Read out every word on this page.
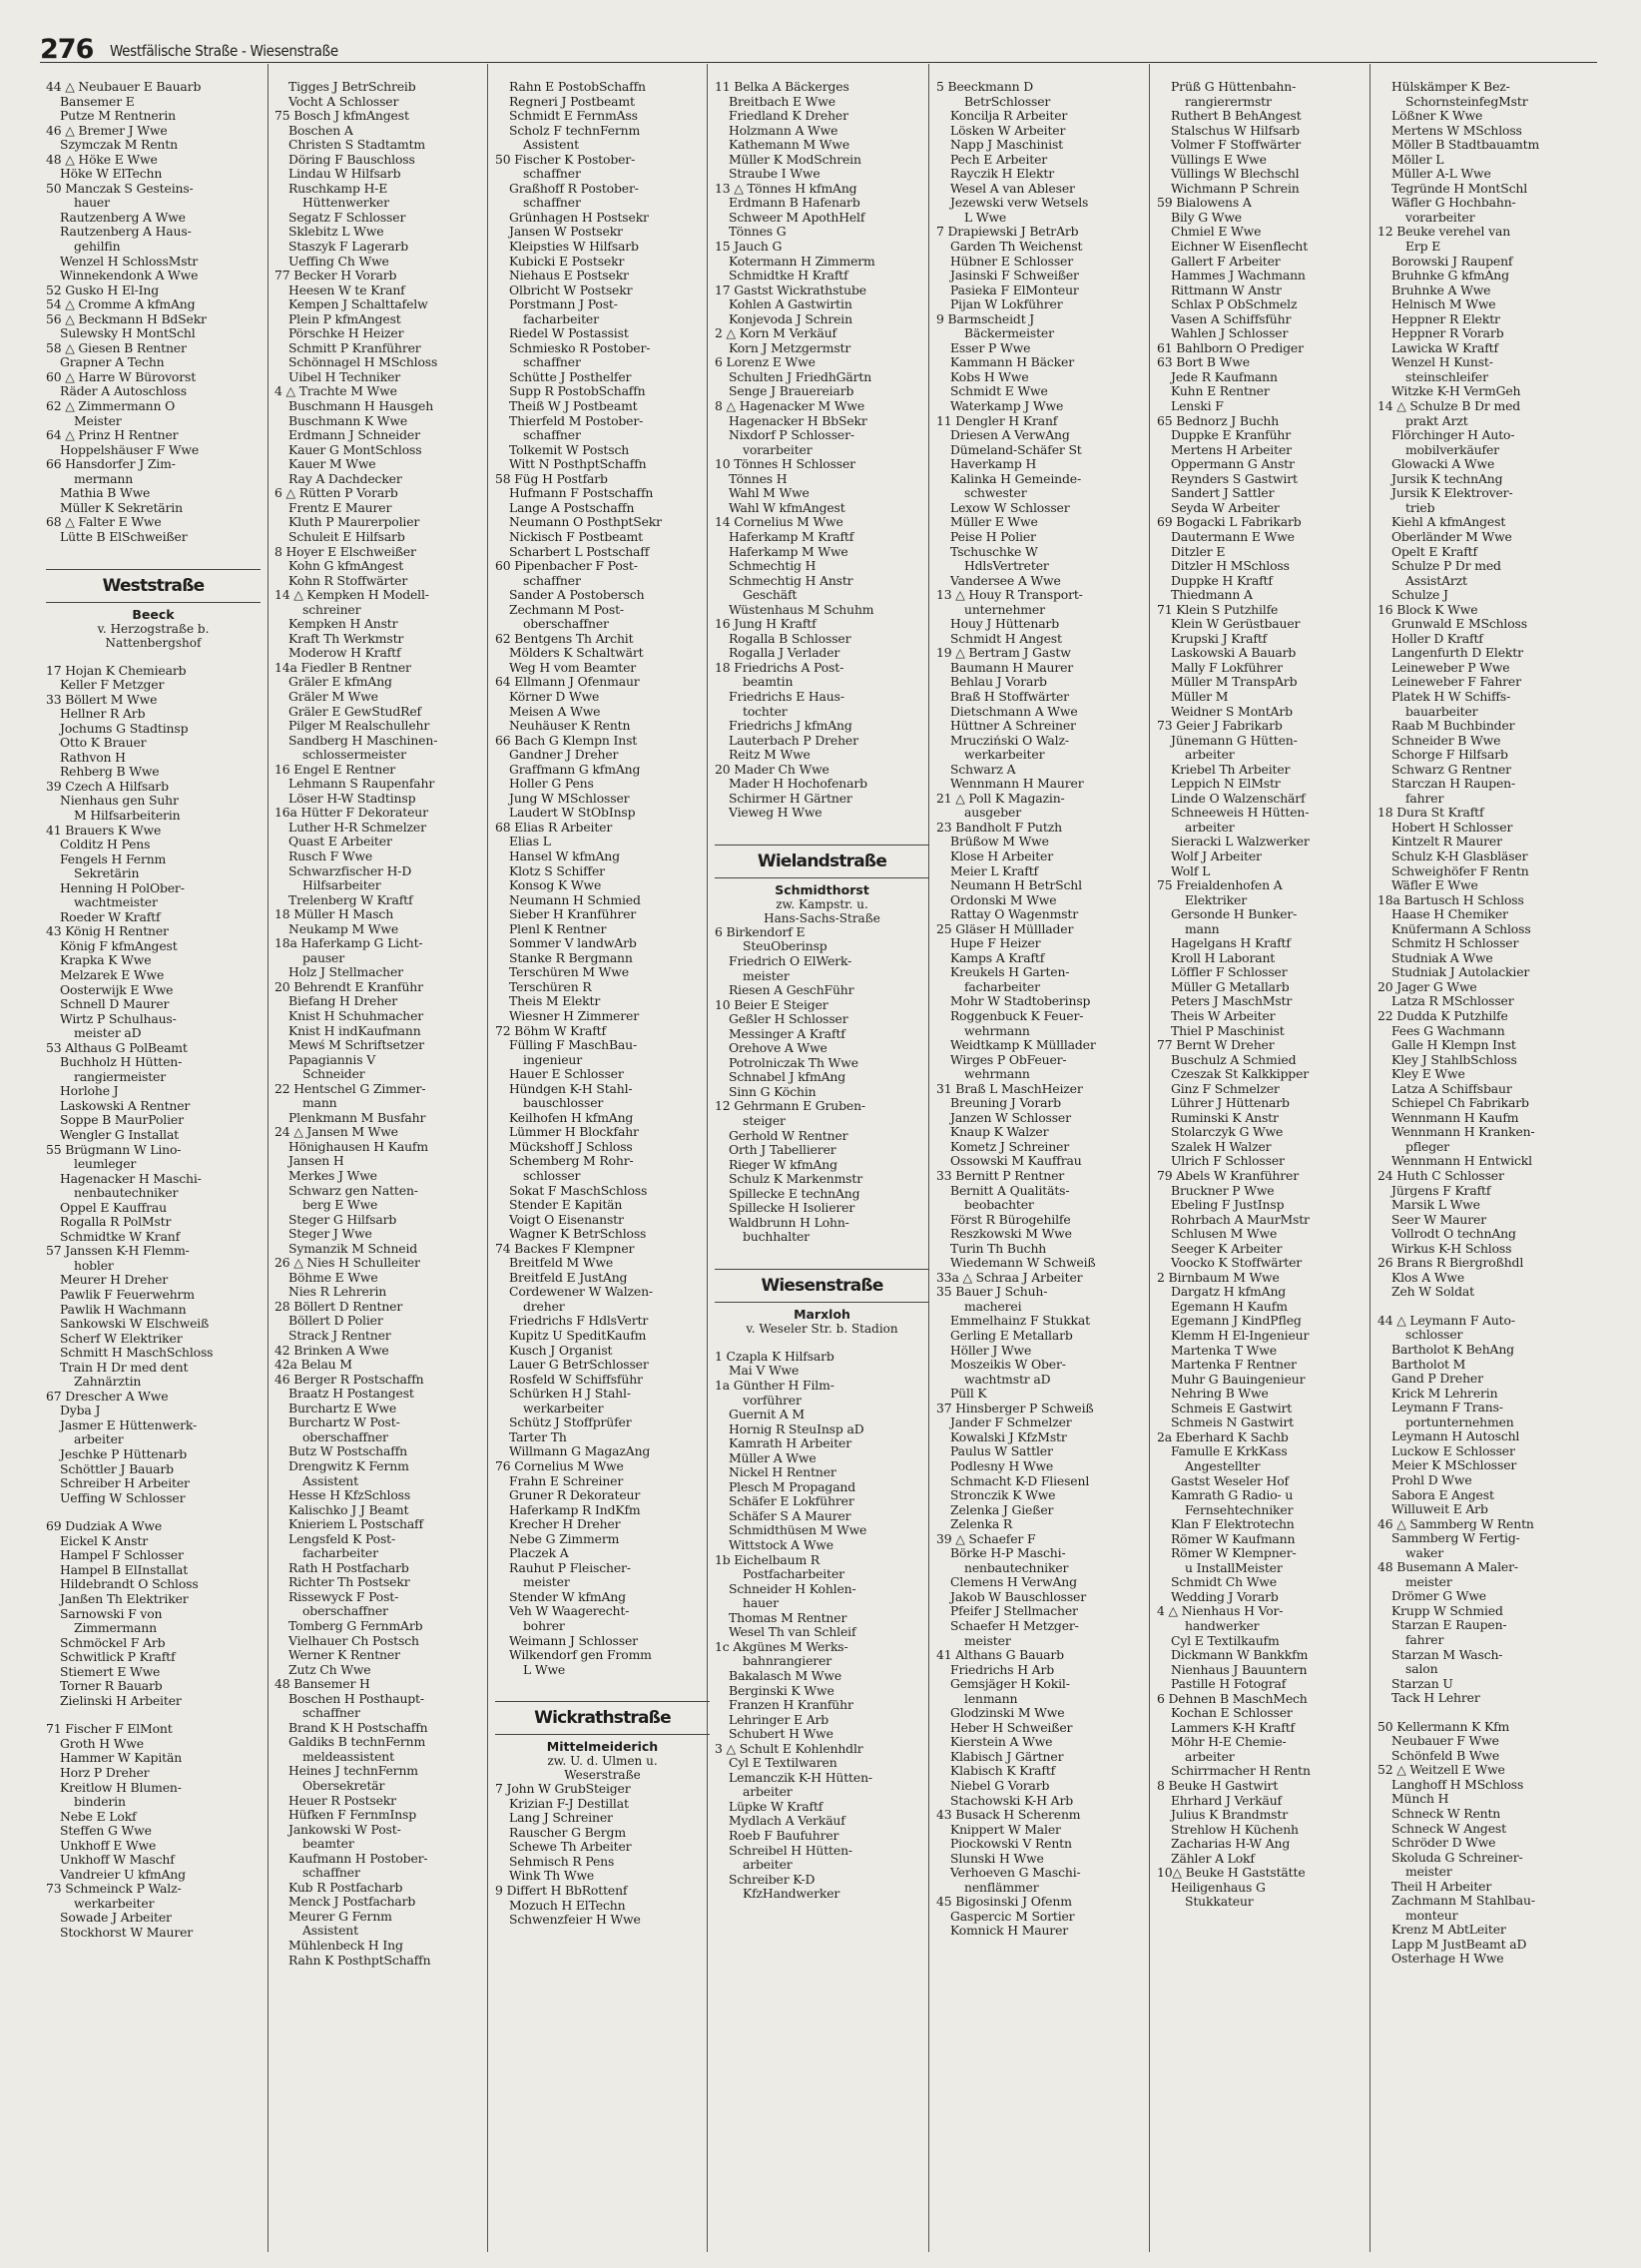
276 Westfälische Straße - Wiesenstraße
44 △ Neubauer E Bauarb
Bansemer E
Putze M Rentnerin
46 △ Bremer J Wwe
Szymczak M Rentn
48 △ Höke E Wwe
Höke W ElTechn
50 Manczak S Gesteins-
hauer
Rautzenberg A Wwe
Rautzenberg A Haus-
gehilfin
Wenzel H SchlossMstr
Winnekendonk A Wwe
52 Gusko H El-Ing
54 △ Cromme A kfmAng
56 △ Beckmann H BdSekr
Sulewsky H MontSchl
58 △ Giesen B Rentner
Grapner A Techn
60 △ Harre W Bürovorst
Räder A Autoschloss
62 △ Zimmermann O
Meister
64 △ Prinz H Rentner
Hoppelshäuser F Wwe
66 Hansdorfer J Zim-
mermann
Mathia B Wwe
Müller K Sekretärin
68 △ Falter E Wwe
Lütte B ElSchweißer
Weststraße
Beeck
v. Herzogstraße b.
Nattenbergshof
17 Hojan K Chemiearb
Keller F Metzger
33 Böllert M Wwe
Hellner R Arb
Jochums G Stadtinsp
Otto K Brauer
Rathvon H
Rehberg B Wwe
39 Czech A Hilfsarb
Nienhaus gen Suhr
M Hilfsarbeiterin
41 Brauers K Wwe
Colditz H Pens
Fengels H Fernm
Sekretärin
Henning H PolOber-
wachtmeister
Roeder W Kraftf
43 König H Rentner
König F kfmAngest
Krapka K Wwe
Melzarek E Wwe
Oosterwijk E Wwe
Schnell D Maurer
Wirtz P Schulhaus-
meister aD
53 Althaus G PolBeamt
Buchholz H Hütten-
rangiermeister
Horlohe J
Laskowski A Rentner
Soppe B MaurPolier
Wengler G Installat
55 Brügmann W Lino-
leumleger
Hagenacker H Maschi-
nenbautechniker
Oppel E Kauffrau
Rogalla R PolMstr
Schmidtke W Kranf
57 Janssen K-H Flemm-
hobler
Meurer H Dreher
Pawlik F Feuerwehrm
Pawlik H Wachmann
Sankowski W Elschweiß
Scherf W Elektriker
Schmitt H MaschSchloss
Train H Dr med dent
Zahnärztin
67 Drescher A Wwe
Dyba J
Jasmer E Hüttenwerk-
arbeiter
Jeschke P Hüttenarb
Schöttler J Bauarb
Schreiber H Arbeiter
Ueffing W Schlosser
69 Dudziak A Wwe
Eickel K Anstr
Hampel F Schlosser
Hampel B ElInstallat
Hildebrandt O Schloss
Janßen Th Elektriker
Sarnowski F von
Zimmermann
Schmöckel F Arb
Schwitlick P Kraftf
Stiemert E Wwe
Torner R Bauarb
Zielinski H Arbeiter
71 Fischer F ElMont
Groth H Wwe
Hammer W Kapitän
Horz P Dreher
Kreitlow H Blumen-
binderin
Nebe E Lokf
Steffen G Wwe
Unkhoff E Wwe
Unkhoff W Maschf
Vandreier U kfmAng
73 Schmeinck P Walz-
werkarbeiter
Sowade J Arbeiter
Stockhorst W Maurer
Tigges J BetrSchreib
Vocht A Schlosser
75 Bosch J kfmAngest
Boschen A
Christen S Stadtamtm
Döring F Bauschloss
Lindau W Hilfsarb
Ruschkamp H-E
Hüttenwerker
Segatz F Schlosser
Sklebitz L Wwe
Staszyk F Lagerarb
Ueffing Ch Wwe
77 Becker H Vorarb
Heesen W te Kranf
Kempen J Schalttafelw
Plein P kfmAngest
Pörschke H Heizer
Schmitt P Kranführer
Schönnagel H MSchloss
Uibel H Techniker
4 △ Trachte M Wwe
Buschmann H Hausgeh
Buschmann K Wwe
Erdmann J Schneider
Kauer G MontSchloss
Kauer M Wwe
Ray A Dachdecker
6 △ Rütten P Vorarb
Frentz E Maurer
Kluth P Maurerpolier
Schuleit E Hilfsarb
8 Hoyer E Elschweißer
Kohn G kfmAngest
Kohn R Stoffwärter
14 △ Kempken H Modell-
schreiner
Kempken H Anstr
Kraft Th Werkmstr
Moderow H Kraftf
14a Fiedler B Rentner
Gräler E kfmAng
Gräler M Wwe
Gräler E GewStudRef
Pilger M Realschullehr
Sandberg H Maschinen-
schlossermeister
16 Engel E Rentner
Lehmann S Raupenfahr
Löser H-W Stadtinsp
16a Hütter F Dekorateur
Luther H-R Schmelzer
Quast E Arbeiter
Rusch F Wwe
Schwarzfischer H-D
Hilfsarbeiter
Trelenberg W Kraftf
18 Müller H Masch
Neukamp M Wwe
18a Haferkamp G Licht-
pauser
Holz J Stellmacher
20 Behrendt E Kranführ
Biefang H Dreher
Knist H Schuhmacher
Knist H indKaufmann
Mewś M Schriftsetzer
Papagiannis V
Schneider
22 Hentschel G Zimmer-
mann
Plenkmann M Busfahr
24 △ Jansen M Wwe
Hönighausen H Kaufm
Jansen H
Merkes J Wwe
Schwarz gen Natten-
berg E Wwe
Steger G Hilfsarb
Steger J Wwe
Symanzik M Schneid
26 △ Nies H Schulleiter
Böhme E Wwe
Nies R Lehrerin
28 Böllert D Rentner
Böllert D Polier
Strack J Rentner
42 Brinken A Wwe
42a Belau M
46 Berger R Postschaffn
Braatz H Postangest
Burchartz E Wwe
Burchartz W Post-
oberschaffner
Butz W Postschaffn
Drengwitz K Fernm
Assistent
Hesse H KfzSchloss
Kalischko J J Beamt
Knieriem L Postschaff
Lengsfeld K Post-
facharbeiter
Rath H Postfacharb
Richter Th Postsekr
Rissewyck F Post-
oberschaffner
Tomberg G FernmArb
Vielhauer Ch Postsch
Werner K Rentner
Zutz Ch Wwe
48 Bansemer H
Boschen H Posthaupt-
schaffner
Brand K H Postschaffn
Galdiks B technFernm
meldeassistent
Heines J technFernm
Obersekretär
Heuer R Postsekr
Hüfken F FernmInsp
Jankowski W Post-
beamter
Kaufmann H Postober-
schaffner
Kub R Postfacharb
Menck J Postfacharb
Meurer G Fernm
Assistent
Mühlenbeck H Ing
Rahn K PosthptSchaffn
Rahn E PostobSchaffn
Regneri J Postbeamt
Schmidt E FernmAss
Scholz F technFernm
Assistent
50 Fischer K Postober-
schaffner
Graßhoff R Postober-
schaffner
Grünhagen H Postsekr
Jansen W Postsekr
Kleipsties W Hilfsarb
Kubicki E Postsekr
Niehaus E Postsekr
Olbricht W Postsekr
Porstmann J Post-
facharbeiter
Riedel W Postassist
Schmiesko R Postober-
schaffner
Schütte J Posthelfer
Supp R PostobSchaffn
Theiß W J Postbeamt
Thierfeld M Postober-
schaffner
Tolkemit W Postsch
Witt N PosthptSchaffn
58 Füg H Postfarb
Hufmann F Postschaffn
Lange A Postschaffn
Neumann O PosthptSekr
Nickisch F Postbeamt
Scharbert L Postschaff
60 Pipenbacher F Post-
schaffner
Sander A Postobersch
Zechmann M Post-
oberschaffner
62 Bentgens Th Archit
Mölders K Schaltwärt
Weg H vom Beamter
64 Ellmann J Ofenmaur
Körner D Wwe
Meisen A Wwe
Neuhäuser K Rentn
66 Bach G Klempn Inst
Gandner J Dreher
Graffmann G kfmAng
Holler G Pens
Jung W MSchlosser
Laudert W StObInsp
68 Elias R Arbeiter
Elias L
Hansel W kfmAng
Klotz S Schiffer
Konsog K Wwe
Neumann H Schmied
Sieber H Kranführer
Plenl K Rentner
Sommer V landwArb
Stanke R Bergmann
Terschüren M Wwe
Terschüren R
Theis M Elektr
Wiesner H Zimmerer
72 Böhm W Kraftf
Fülling F MaschBau-
ingenieur
Hauer E Schlosser
Hündgen K-H Stahl-
bauschlosser
Keilhofen H kfmAng
Lümmer H Blockfahr
Mückshoff J Schloss
Schemberg M Rohr-
schlosser
Sokat F MaschSchloss
Stender E Kapitän
Voigt O Eisenanstr
Wagner K BetrSchloss
74 Backes F Klempner
Breitfeld M Wwe
Breitfeld E JustAng
Cordewener W Walzen-
dreher
Friedrichs F HdlsVertr
Kupitz U SpeditKaufm
Kusch J Organist
Lauer G BetrSchlosser
Rosfeld W Schiffsführ
Schürken H J Stahl-
werkarbeiter
Schütz J Stoffprüfer
Tarter Th
Willmann G MagazAng
76 Cornelius M Wwe
Frahn E Schreiner
Gruner R Dekorateur
Haferkamp R IndKfm
Krecher H Dreher
Nebe G Zimmerm
Placzek A
Rauhut P Fleischer-
meister
Stender W kfmAng
Veh W Waagerecht-
bohrer
Weimann J Schlosser
Wilkendorf gen Fromm
L Wwe
Wickrathstraße
Mittelmeiderich
zw. U. d. Ulmen u.
Weserstraße
7 John W GrubSteiger
Krizian F-J Destillat
Lang J Schreiner
Rauscher G Bergm
Schewe Th Arbeiter
Sehmisch R Pens
Wink Th Wwe
9 Differt H BbRottenf
Mozuch H ElTechn
Schwenzfeier H Wwe
11 Belka A Bäckerges
Breitbach E Wwe
Friedland K Dreher
Holzmann A Wwe
Kathemann M Wwe
Müller K ModSchrein
Straube I Wwe
13 △ Tönnes H kfmAng
Erdmann B Hafenarb
Schweer M ApothHelf
Tönnes G
15 Jauch G
Kotermann H Zimmerm
Schmidtke H Kraftf
17 Gastst Wickrathstube
Kohlen A Gastwirtin
Konjevoda J Schrein
2 △ Korn M Verkäuf
Korn J Metzgermstr
6 Lorenz E Wwe
Schulten J FriedhGärtn
Senge J Brauereiarb
8 △ Hagenacker M Wwe
Hagenacker H BbSekr
Nixdorf P Schlosser-
vorarbeiter
10 Tönnes H Schlosser
Tönnes H
Wahl M Wwe
Wahl W kfmAngest
14 Cornelius M Wwe
Haferkamp M Kraftf
Haferkamp M Wwe
Schmechtig H
Schmechtig H Anstr
Geschäft
Wüstenhaus M Schuhm
16 Jung H Kraftf
Rogalla B Schlosser
Rogalla J Verlader
18 Friedrichs A Post-
beamtin
Friedrichs E Haus-
tochter
Friedrichs J kfmAng
Lauterbach P Dreher
Reitz M Wwe
20 Mader Ch Wwe
Mader H Hochofenarb
Schirmer H Gärtner
Vieweg H Wwe
Wielandstraße
Schmidthorst
zw. Kampstr. u.
Hans-Sachs-Straße
6 Birkendorf E
SteuOberinsp
Friedrich O ElWerk-
meister
Riesen A GeschFühr
10 Beier E Steiger
Geßler H Schlosser
Messinger A Kraftf
Orehove A Wwe
Potrolniczak Th Wwe
Schnabel J kfmAng
Sinn G Köchin
12 Gehrmann E Gruben-
steiger
Gerhold W Rentner
Orth J Tabellierer
Rieger W kfmAng
Schulz K Markenmstr
Spillecke E technAng
Spillecke H Isolierer
Waldbrunn H Lohn-
buchhalter
Wiesenstraße
Marxloh
v. Weseler Str. b. Stadion
1 Czapla K Hilfsarb
Mai V Wwe
1a Günther H Film-
vorführer
Guernit A M
Hornig R SteuInsp aD
Kamrath H Arbeiter
Müller A Wwe
Nickel H Rentner
Plesch M Propagand
Schäfer E Lokführer
Schäfer S A Maurer
Schmidthüsen M Wwe
Wittstock A Wwe
1b Eichelbaum R
Postfacharbeiter
Schneider H Kohlen-
hauer
Thomas M Rentner
Wesel Th van Schleif
1c Akgünes M Werks-
bahnrangierer
Bakalasch M Wwe
Berginski K Wwe
Franzen H Kranführ
Lehringer E Arb
Schubert H Wwe
3 △ Schult E Kohlenhdlr
Cyl E Textilwaren
Lemanczik K-H Hütten-
arbeiter
Lüpke W Kraftf
Mydlach A Verkäuf
Roeb F Baufuhrer
Schreibel H Hütten-
arbeiter
Schreiber K-D
KfzHandwerker
5 Beeckmann D
BetrSchlosser
Koncilja R Arbeiter
Lösken W Arbeiter
Napp J Maschinist
Pech E Arbeiter
Rayczik H Elektr
Wesel A van Ableser
Jezewski verw Wetsels
L Wwe
7 Drapiewski J BetrArb
Garden Th Weichenst
Hübner E Schlosser
Jasinski F Schweißer
Pasieka F ElMonteur
Pijan W Lokführer
9 Barmscheidt J
Bäckermeister
Esser P Wwe
Kammann H Bäcker
Kobs H Wwe
Schmidt E Wwe
Waterkamp J Wwe
11 Dengler H Kranf
Driesen A VerwAng
Dümeland-Schäfer St
Haverkamp H
Kalinka H Gemeinde-
schwester
Lexow W Schlosser
Müller E Wwe
Peise H Polier
Tschuschke W
HdlsVertreter
Vandersee A Wwe
13 △ Houy R Transport-
unternehmer
Houy J Hüttenarb
Schmidt H Angest
19 △ Bertram J Gastw
Baumann H Maurer
Behlau J Vorarb
Braß H Stoffwärter
Dietschmann A Wwe
Hüttner A Schreiner
Mrucziński O Walz-
werkarbeiter
Schwarz A
Wennmann H Maurer
21 △ Poll K Magazin-
ausgeber
23 Bandholt F Putzh
Brüßow M Wwe
Klose H Arbeiter
Meier L Kraftf
Neumann H BetrSchl
Ordonski M Wwe
Rattay O Wagenmstr
25 Gläser H Mülllader
Hupe F Heizer
Kamps A Kraftf
Kreukels H Garten-
facharbeiter
Mohr W Stadtoberinsp
Roggenbuck K Feuer-
wehrmann
Weidtkamp K Mülllader
Wirges P ObFeuer-
wehrmann
31 Braß L MaschHeizer
Breuning J Vorarb
Janzen W Schlosser
Knaup K Walzer
Kometz J Schreiner
Ossowski M Kauffrau
33 Bernitt P Rentner
Bernitt A Qualitäts-
beobachter
Först R Bürogehilfe
Reszkowski M Wwe
Turin Th Buchh
Wiedemann W Schweiß
33a △ Schraa J Arbeiter
35 Bauer J Schuh-
macherei
Emmelhainz F Stukkat
Gerling E Metallarb
Höller J Wwe
Moszeikis W Ober-
wachtmstr aD
Püll K
37 Hinsberger P Schweiß
Jander F Schmelzer
Kowalski J KfzMstr
Paulus W Sattler
Podlesny H Wwe
Schmacht K-D Fliesenl
Stronczik K Wwe
Zelenka J Gießer
Zelenka R
39 △ Schaefer F
Börke H-P Maschi-
nenbautechniker
Clemens H VerwAng
Jakob W Bauschlosser
Pfeifer J Stellmacher
Schaefer H Metzger-
meister
41 Althans G Bauarb
Friedrichs H Arb
Gemsjäger H Kokil-
lenmann
Glodzinski M Wwe
Heber H Schweißer
Kierstein A Wwe
Klabisch J Gärtner
Klabisch K Kraftf
Niebel G Vorarb
Stachowski K-H Arb
43 Busack H Scherenm
Knippert W Maler
Piockowski V Rentn
Slunski H Wwe
Verhoeven G Maschi-
nenflämmer
45 Bigosinski J Ofenm
Gaspercic M Sortier
Komnick H Maurer
Prüß G Hüttenbahn-
rangierermstr
Ruthert B BehAngest
Stalschus W Hilfsarb
Volmer F Stoffwärter
Vüllings E Wwe
Vüllings W Blechschl
Wichmann P Schrein
59 Bialowens A
Bily G Wwe
Chmiel E Wwe
Eichner W Eisenflecht
Gallert F Arbeiter
Hammes J Wachmann
Rittmann W Anstr
Schlax P ObSchmelz
Vasen A Schiffsführ
Wahlen J Schlosser
61 Bahlborn O Prediger
63 Bort B Wwe
Jede R Kaufmann
Kuhn E Rentner
Lenski F
65 Bednorz J Buchh
Duppke E Kranführ
Mertens H Arbeiter
Oppermann G Anstr
Reynders S Gastwirt
Sandert J Sattler
Seyda W Arbeiter
69 Bogacki L Fabrikarb
Dautermann E Wwe
Ditzler E
Ditzler H MSchloss
Duppke H Kraftf
Thiedmann A
71 Klein S Putzhilfe
Klein W Gerüstbauer
Krupski J Kraftf
Laskowski A Bauarb
Mally F Lokführer
Müller M TranspArb
Müller M
Weidner S MontArb
73 Geier J Fabrikarb
Jünemann G Hütten-
arbeiter
Kriebel Th Arbeiter
Leppich N ElMstr
Linde O Walzenschärf
Schneeweis H Hütten-
arbeiter
Sieracki L Walzwerker
Wolf J Arbeiter
Wolf L
75 Freialdenhofen A
Elektriker
Gersonde H Bunker-
mann
Hagelgans H Kraftf
Kroll H Laborant
Löffler F Schlosser
Müller G Metallarb
Peters J MaschMstr
Theis W Arbeiter
Thiel P Maschinist
77 Bernt W Dreher
Buschulz A Schmied
Czeszak St Kalkkipper
Ginz F Schmelzer
Lührer J Hüttenarb
Ruminski K Anstr
Stolarczyk G Wwe
Szalek H Walzer
Ulrich F Schlosser
79 Abels W Kranführer
Bruckner P Wwe
Ebeling F JustInsp
Rohrbach A MaurMstr
Schlusen M Wwe
Seeger K Arbeiter
Voocko K Stoffwärter
2 Birnbaum M Wwe
Dargatz H kfmAng
Egemann H Kaufm
Egemann J KindPfleg
Klemm H El-Ingenieur
Martenka T Wwe
Martenka F Rentner
Muhr G Bauingenieur
Nehring B Wwe
Schmeis E Gastwirt
Schmeis N Gastwirt
2a Eberhard K Sachb
Famulle E KrkKass
Angestellter
Gastst Weseler Hof
Kamrath G Radio- u
Fernsehtechniker
Klan F Elektrotechn
Römer W Kaufmann
Römer W Klempner-
u InstallMeister
Schmidt Ch Wwe
Wedding J Vorarb
4 △ Nienhaus H Vor-
handwerker
Cyl E Textilkaufm
Dickmann W Bankkfm
Nienhaus J Bauuntern
Pastille H Fotograf
6 Dehnen B MaschMech
Kochan E Schlosser
Lammers K-H Kraftf
Möhr H-E Chemie-
arbeiter
Schirrmacher H Rentn
8 Beuke H Gastwirt
Ehrhard J Verkäuf
Julius K Brandmstr
Strehlow H Küchenh
Zacharias H-W Ang
Zähler A Lokf
10△ Beuke H Gaststätte
Heiligenhaus G
Stukkateur
Hülskämper K Bez-
SchornsteinfegMstr
Lößner K Wwe
Mertens W MSchloss
Möller B Stadtbauamtm
Möller L
Müller A-L Wwe
Tegründe H MontSchl
Wäfler G Hochbahn-
vorarbeiter
12 Beuke verehel van
Erp E
Borowski J Raupenf
Bruhnke G kfmAng
Bruhnke A Wwe
Helnisch M Wwe
Heppner R Elektr
Heppner R Vorarb
Lawicka W Kraftf
Wenzel H Kunst-
steinschleifer
Witzke K-H VermGeh
14 △ Schulze B Dr med
prakt Arzt
Flörchinger H Auto-
mobilverkäufer
Glowacki A Wwe
Jursik K technAng
Jursik K Elektrover-
trieb
Kiehl A kfmAngest
Oberländer M Wwe
Opelt E Kraftf
Schulze P Dr med
AssistArzt
Schulze J
16 Block K Wwe
Grunwald E MSchloss
Holler D Kraftf
Langenfurth D Elektr
Leineweber P Wwe
Leineweber F Fahrer
Platek H W Schiffs-
bauarbeiter
Raab M Buchbinder
Schneider B Wwe
Schorge F Hilfsarb
Schwarz G Rentner
Starczan H Raupen-
fahrer
18 Dura St Kraftf
Hobert H Schlosser
Kintzelt R Maurer
Schulz K-H Glasbläser
Schweighöfer F Rentn
Wäfler E Wwe
18a Bartusch H Schloss
Haase H Chemiker
Knüfermann A Schloss
Schmitz H Schlosser
Studniak A Wwe
Studniak J Autolackier
20 Jager G Wwe
Latza R MSchlosser
22 Dudda K Putzhilfe
Fees G Wachmann
Galle H Klempn Inst
Kley J StahlbSchloss
Kley E Wwe
Latza A Schiffsbaur
Schiepel Ch Fabrikarb
Wennmann H Kaufm
Wennmann H Kranken-
pfleger
Wennmann H Entwickl
24 Huth C Schlosser
Jürgens F Kraftf
Marsik L Wwe
Seer W Maurer
Vollrodt O technAng
Wirkus K-H Schloss
26 Brans R Biergroßhdl
Klos A Wwe
Zeh W Soldat
44 △ Leymann F Auto-
schlosser
Bartholot K BehAng
Bartholot M
Gand P Dreher
Krick M Lehrerin
Leymann F Trans-
portunternehmen
Leymann H Autoschl
Luckow E Schlosser
Meier K MSchlosser
Prohl D Wwe
Sabora E Angest
Willuweit E Arb
46 △ Sammberg W Rentn
Sammberg W Fertig-
waker
48 Busemann A Maler-
meister
Drömer G Wwe
Krupp W Schmied
Starzan E Raupen-
fahrer
Starzan M Wasch-
salon
Starzan U
Tack H Lehrer
50 Kellermann K Kfm
Neubauer F Wwe
Schönfeld B Wwe
52 △ Weitzell E Wwe
Langhoff H MSchloss
Münch H
Schneck W Rentn
Schneck W Angest
Schröder D Wwe
Skoluda G Schreiner-
meister
Theil H Arbeiter
Zachmann M Stahlbau-
monteur
Krenz M AbtLeiter
Lapp M JustBeamt aD
Osterhage H Wwe
